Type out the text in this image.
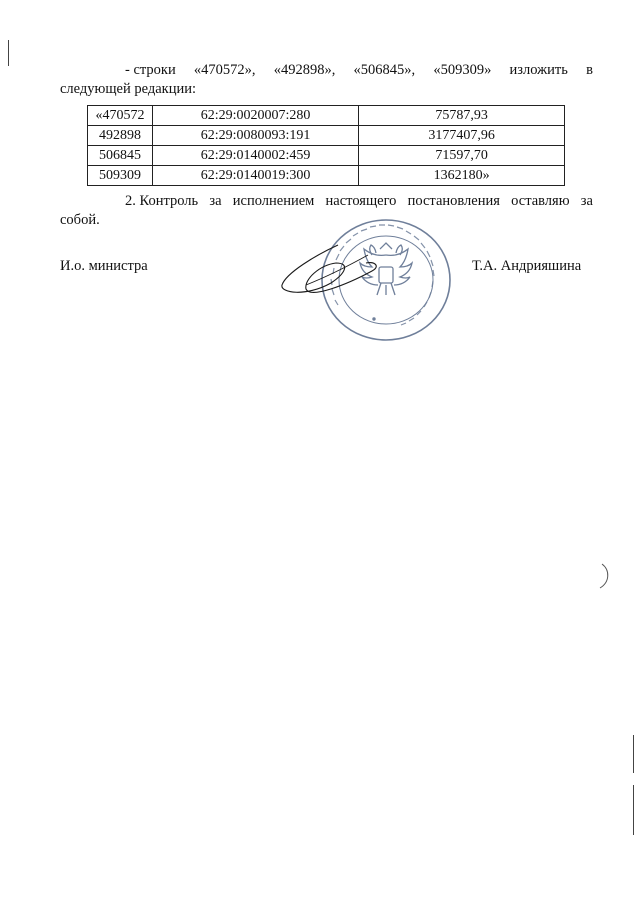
- строки «470572», «492898», «506845», «509309» изложить в
следующей редакции:
«470572	62:29:0020007:280	75787,93
492898	62:29:0080093:191	3177407,96
506845	62:29:0140002:459	71597,70
509309	62:29:0140019:300	1362180»
2. Контроль за исполнением настоящего постановления оставляю за
собой.
И.о. министра	Т.А. Андрияшина
